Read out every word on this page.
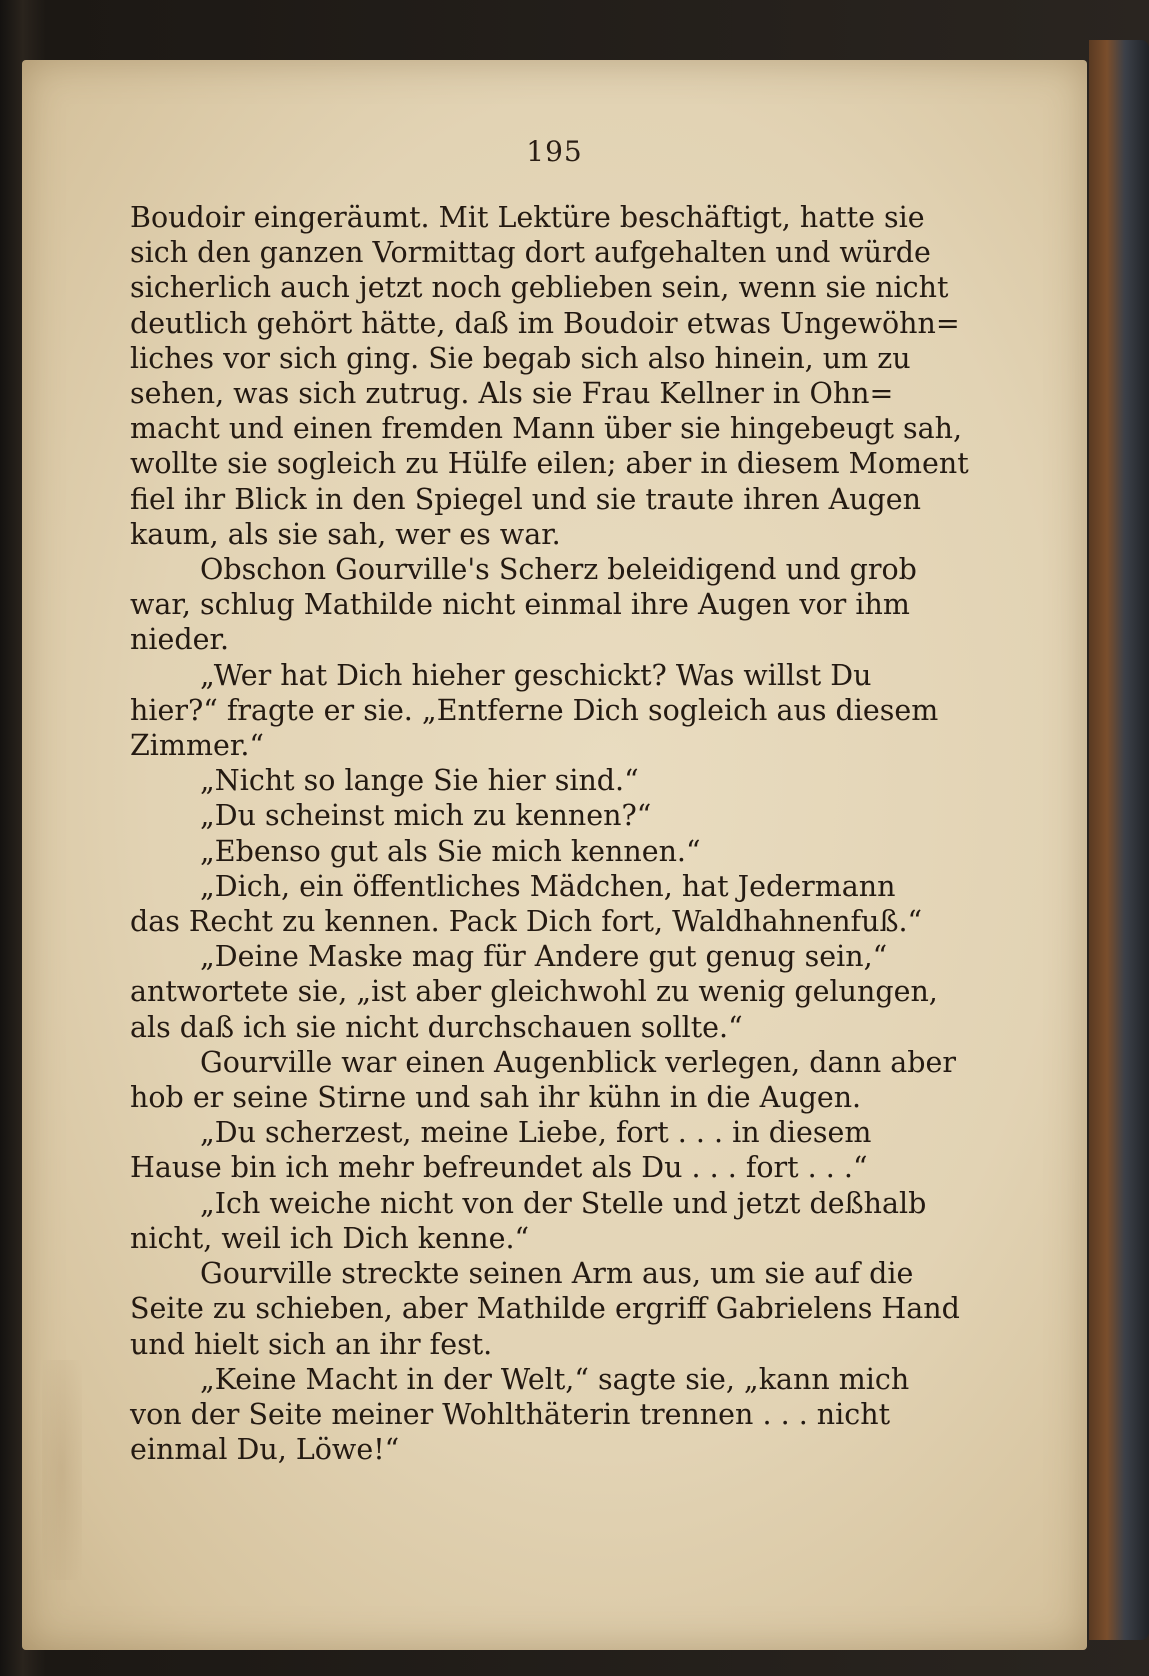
195
Boudoir eingeräumt. Mit Lektüre beschäftigt, hatte sie
sich den ganzen Vormittag dort aufgehalten und würde
sicherlich auch jetzt noch geblieben sein, wenn sie nicht
deutlich gehört hätte, daß im Boudoir etwas Ungewöhn=
liches vor sich ging. Sie begab sich also hinein, um zu
sehen, was sich zutrug. Als sie Frau Kellner in Ohn=
macht und einen fremden Mann über sie hingebeugt sah,
wollte sie sogleich zu Hülfe eilen; aber in diesem Moment
fiel ihr Blick in den Spiegel und sie traute ihren Augen
kaum, als sie sah, wer es war.
Obschon Gourville's Scherz beleidigend und grob
war, schlug Mathilde nicht einmal ihre Augen vor ihm
nieder.
„Wer hat Dich hieher geschickt? Was willst Du
hier?“ fragte er sie. „Entferne Dich sogleich aus diesem
Zimmer.“
„Nicht so lange Sie hier sind.“
„Du scheinst mich zu kennen?“
„Ebenso gut als Sie mich kennen.“
„Dich, ein öffentliches Mädchen, hat Jedermann
das Recht zu kennen. Pack Dich fort, Waldhahnenfuß.“
„Deine Maske mag für Andere gut genug sein,“
antwortete sie, „ist aber gleichwohl zu wenig gelungen,
als daß ich sie nicht durchschauen sollte.“
Gourville war einen Augenblick verlegen, dann aber
hob er seine Stirne und sah ihr kühn in die Augen.
„Du scherzest, meine Liebe, fort . . . in diesem
Hause bin ich mehr befreundet als Du . . . fort . . .“
„Ich weiche nicht von der Stelle und jetzt deßhalb
nicht, weil ich Dich kenne.“
Gourville streckte seinen Arm aus, um sie auf die
Seite zu schieben, aber Mathilde ergriff Gabrielens Hand
und hielt sich an ihr fest.
„Keine Macht in der Welt,“ sagte sie, „kann mich
von der Seite meiner Wohlthäterin trennen . . . nicht
einmal Du, Löwe!“
